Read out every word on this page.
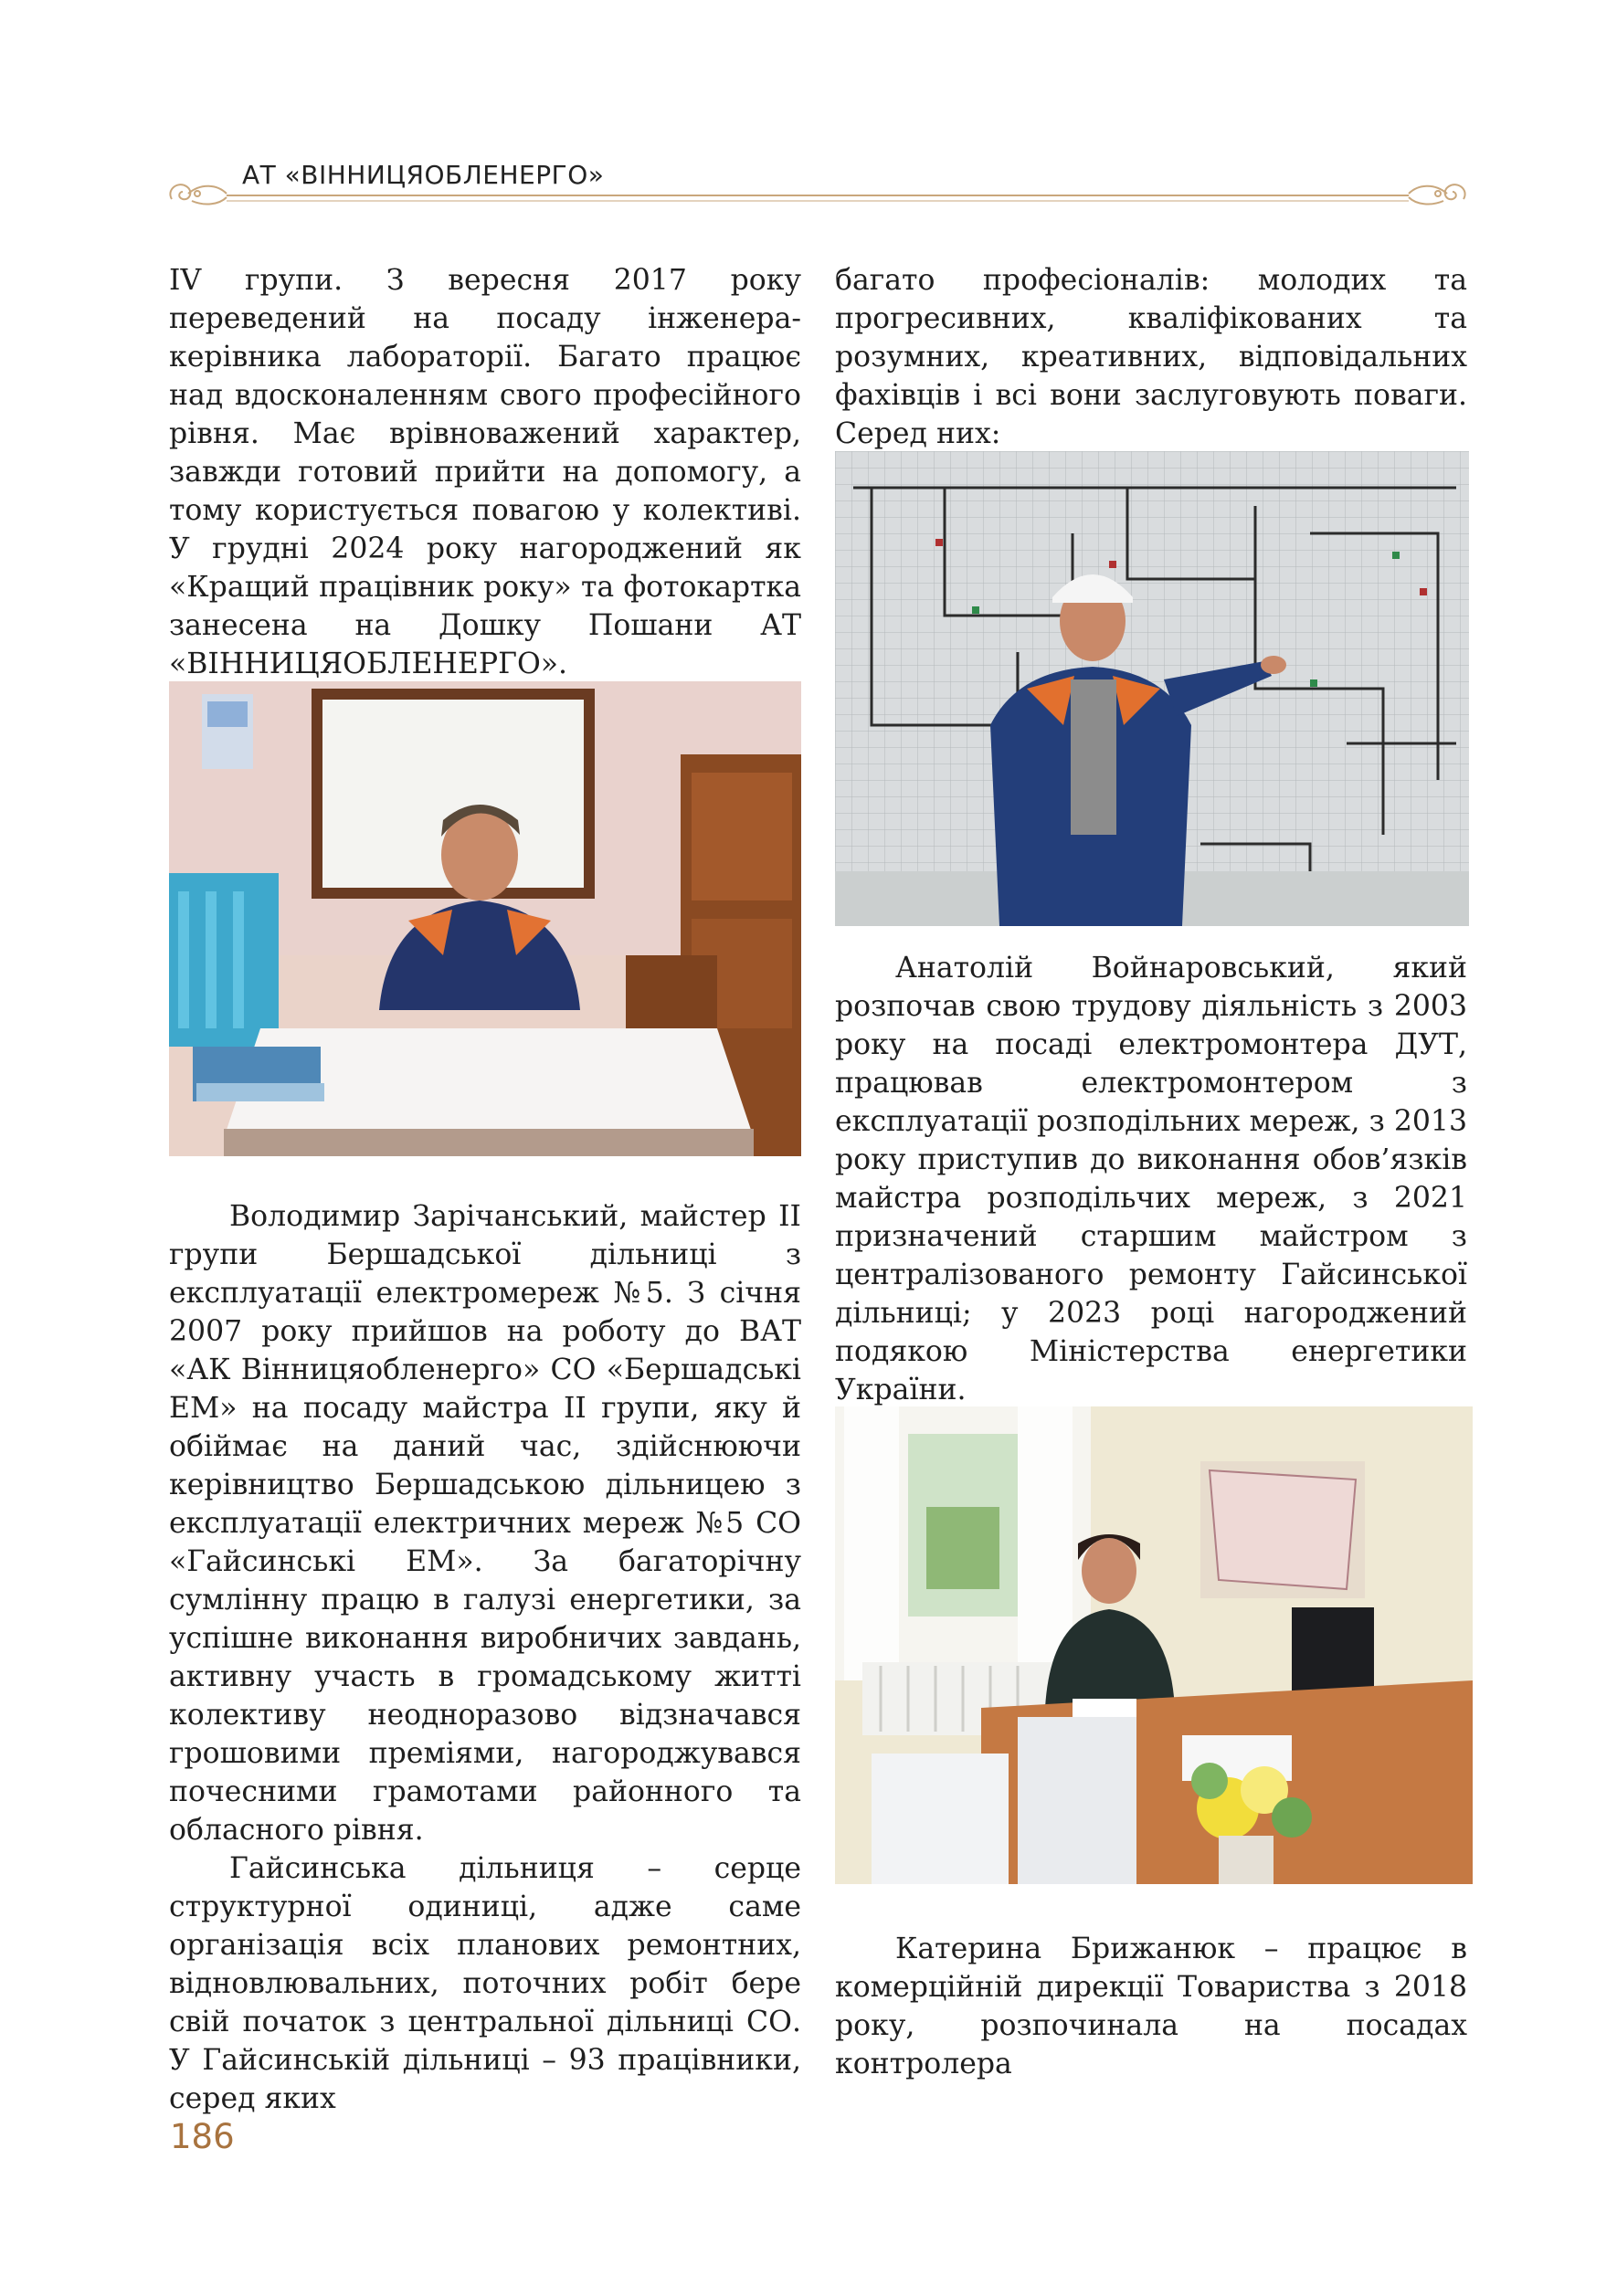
АТ «ВІННИЦЯОБЛЕНЕРГО»

IV групи. З вересня 2017 року переведений на посаду інженера-керівника лабораторії. Багато працює над вдосконаленням свого професійного рівня. Має врівноважений характер, завжди готовий прийти на допомогу, а тому користується повагою у колективі. У грудні 2024 року нагороджений як «Кращий працівник року» та фотокартка занесена на Дошку Пошани АТ «ВІННИЦЯОБЛЕНЕРГО».

Володимир Зарічанський, майстер II групи Бершадської дільниці з експлуатації електромереж №5. З січня 2007 року прийшов на роботу до ВАТ «АК Вінницяобленерго» СО «Бершадські ЕМ» на посаду майстра II групи, яку й обіймає на даний час, здійснюючи керівництво Бершадською дільницею з експлуатації електричних мереж №5 СО «Гайсинські ЕМ». За багаторічну сумлінну працю в галузі енергетики, за успішне виконання виробничих завдань, активну участь в громадському житті колективу неодноразово відзначався грошовими преміями, нагороджувався почесними грамотами районного та обласного рівня.

Гайсинська дільниця – серце структурної одиниці, адже саме організація всіх планових ремонтних, відновлювальних, поточних робіт бере свій початок з центральної дільниці СО. У Гайсинській дільниці – 93 працівники, серед яких

багато професіоналів: молодих та прогресивних, кваліфікованих та розумних, креативних, відповідальних фахівців і всі вони заслуговують поваги. Серед них:

Анатолій Войнаровський, який розпочав свою трудову діяльність з 2003 року на посаді електромонтера ДУТ, працював електромонтером з експлуатації розподільних мереж, з 2013 року приступив до виконання обов’язків майстра розподільчих мереж, з 2021 призначений старшим майстром з централізованого ремонту Гайсинської дільниці; у 2023 році нагороджений подякою Міністерства енергетики України.

Катерина Брижанюк – працює в комерційній дирекції Товариства з 2018 року, розпочинала на посадах контролера

186
